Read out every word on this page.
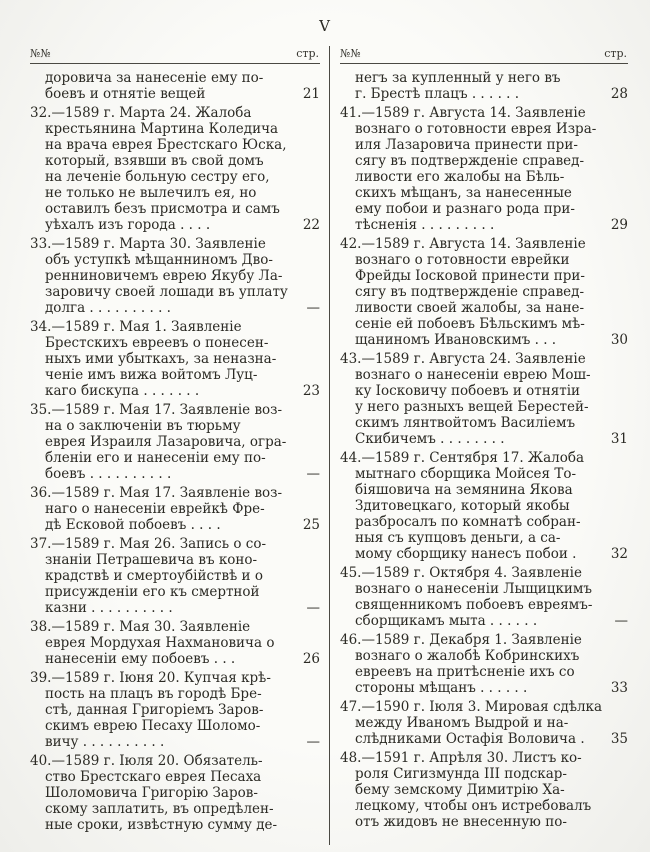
V
№№	стр.
доровича за нанесеніе ему по-
боевъ и отнятіе вещей	21
32.—1589 г. Марта 24. Жалоба
крестьянина Мартина Коледича
на врача еврея Брестскаго Юска,
который, взявши въ свой домъ
на леченіе больную сестру его,
не только не вылечилъ ея, но
оставилъ безъ присмотра и самъ
уѣхалъ изъ города . . . .	22
33.—1589 г. Марта 30. Заявленіе
объ уступкѣ мѣщанниномъ Дво-
ренниновичемъ еврею Якубу Ла-
заровичу своей лошади въ уплату
долга . . . . . . . . . .	—
34.—1589 г. Мая 1. Заявленіе
Брестскихъ евреевъ о понесен-
ныхъ ими убыткахъ, за неназна-
ченіе имъ вижа войтомъ Луц-
каго бискупа . . . . . . .	23
35.—1589 г. Мая 17. Заявленіе воз-
на о заключеніи въ тюрьму
еврея Израиля Лазаровича, огра-
бленіи его и нанесеніи ему по-
боевъ . . . . . . . . . .	—
36.—1589 г. Мая 17. Заявленіе воз-
наго о нанесеніи еврейкѣ Фре-
дѣ Есковой побоевъ . . . .	25
37.—1589 г. Мая 26. Запись о со-
знаніи Петрашевича въ коно-
крадствѣ и смертоубійствѣ и о
присужденіи его къ смертной
казни . . . . . . . . . .	—
38.—1589 г. Мая 30. Заявленіе
еврея Мордухая Нахмановича о
нанесеніи ему побоевъ . . .	26
39.—1589 г. Іюня 20. Купчая крѣ-
пость на плацъ въ городѣ Бре-
стѣ, данная Григоріемъ Заров-
скимъ еврею Песаху Шоломо-
вичу . . . . . . . . . .	—
40.—1589 г. Іюля 20. Обязатель-
ство Брестскаго еврея Песаха
Шоломовича Григорію Заров-
скому заплатить, въ опредѣлен-
ные сроки, извѣстную сумму де-
№№	стр.
негъ за купленный у него въ
г. Брестѣ плацъ . . . . . .	28
41.—1589 г. Августа 14. Заявленіе
вознаго о готовности еврея Изра-
иля Лазаровича принести при-
сягу въ подтвержденіе справед-
ливости его жалобы на Бѣль-
скихъ мѣщанъ, за нанесенные
ему побои и разнаго рода при-
тѣсненія . . . . . . . . .	29
42.—1589 г. Августа 14. Заявленіе
вознаго о готовности еврейки
Фрейды Іосковой принести при-
сягу въ подтвержденіе справед-
ливости своей жалобы, за нане-
сеніе ей побоевъ Бѣльскимъ мѣ-
щаниномъ Ивановскимъ . . .	30
43.—1589 г. Августа 24. Заявленіе
вознаго о нанесеніи еврею Мош-
ку Іосковичу побоевъ и отнятіи
у него разныхъ вещей Берестей-
скимъ лянтвойтомъ Василіемъ
Скибичемъ . . . . . . . .	31
44.—1589 г. Сентября 17. Жалоба
мытнаго сборщика Мойсея То-
біяшовича на земянина Якова
Здитовецкаго, который якобы
разбросалъ по комнатѣ собран-
ныя съ купцовъ деньги, а са-
мому сборщику нанесъ побои .	32
45.—1589 г. Октября 4. Заявленіе
вознаго о нанесеніи Лыщицкимъ
священникомъ побоевъ евреямъ-
сборщикамъ мыта . . . . . .	—
46.—1589 г. Декабря 1. Заявленіе
вознаго о жалобѣ Кобринскихъ
евреевъ на притѣсненіе ихъ со
стороны мѣщанъ . . . . . .	33
47.—1590 г. Іюля 3. Мировая сдѣлка
между Иваномъ Выдрой и на-
слѣдниками Остафія Воловича .	35
48.—1591 г. Апрѣля 30. Листъ ко-
роля Сигизмунда III подскар-
бему земскому Димитрію Ха-
лецкому, чтобы онъ истребовалъ
отъ жидовъ не внесенную по-
